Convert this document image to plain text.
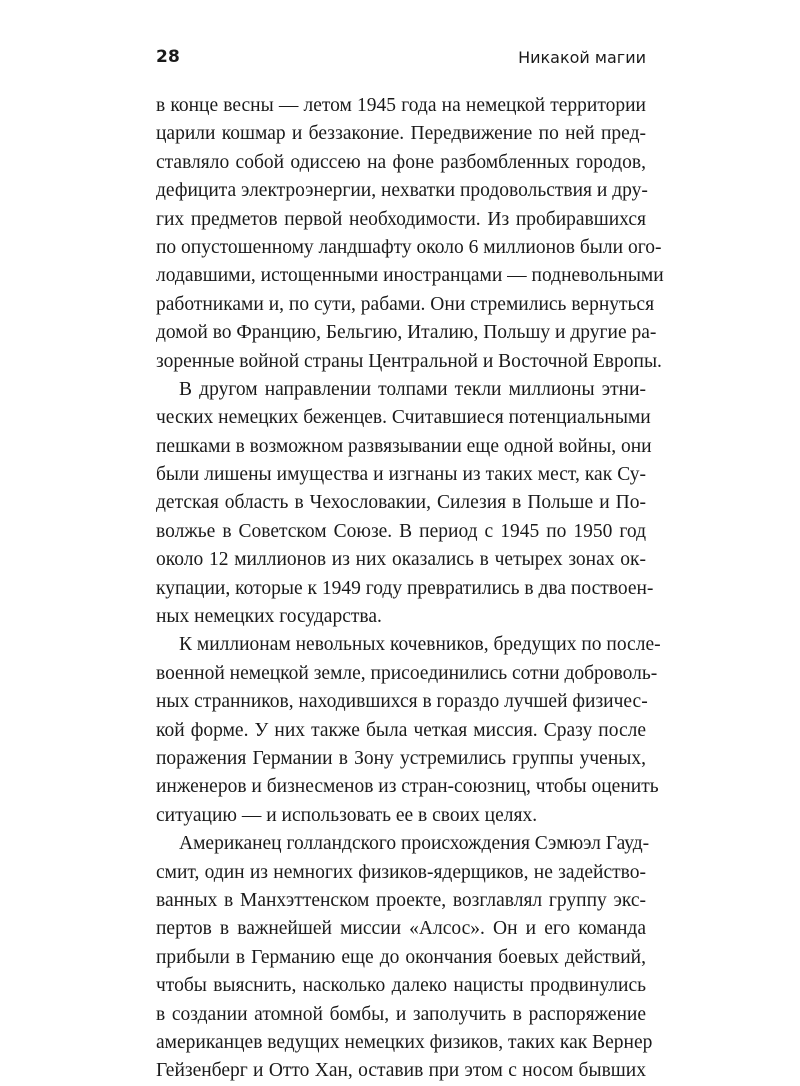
28	Никакой магии
в конце весны — летом 1945 года на немецкой территории
царили кошмар и беззаконие. Передвижение по ней пред-
ставляло собой одиссею на фоне разбомбленных городов,
дефицита электроэнергии, нехватки продовольствия и дру-
гих предметов первой необходимости. Из пробиравшихся
по опустошенному ландшафту около 6 миллионов были ого-
лодавшими, истощенными иностранцами — подневольными
работниками и, по сути, рабами. Они стремились вернуться
домой во Францию, Бельгию, Италию, Польшу и другие ра-
зоренные войной страны Центральной и Восточной Европы.
В другом направлении толпами текли миллионы этни-
ческих немецких беженцев. Считавшиеся потенциальными
пешками в возможном развязывании еще одной войны, они
были лишены имущества и изгнаны из таких мест, как Су-
детская область в Чехословакии, Силезия в Польше и По-
волжье в Советском Союзе. В период с 1945 по 1950 год
около 12 миллионов из них оказались в четырех зонах ок-
купации, которые к 1949 году превратились в два поствоен-
ных немецких государства.
К миллионам невольных кочевников, бредущих по после-
военной немецкой земле, присоединились сотни доброволь-
ных странников, находившихся в гораздо лучшей физичес-
кой форме. У них также была четкая миссия. Сразу после
поражения Германии в Зону устремились группы ученых,
инженеров и бизнесменов из стран-союзниц, чтобы оценить
ситуацию — и использовать ее в своих целях.
Американец голландского происхождения Сэмюэл Гауд-
смит, один из немногих физиков-ядерщиков, не задейство-
ванных в Манхэттенском проекте, возглавлял группу экс-
пертов в важнейшей миссии «Алсос». Он и его команда
прибыли в Германию еще до окончания боевых действий,
чтобы выяснить, насколько далеко нацисты продвинулись
в создании атомной бомбы, и заполучить в распоряжение
американцев ведущих немецких физиков, таких как Вернер
Гейзенберг и Отто Хан, оставив при этом с носом бывших
